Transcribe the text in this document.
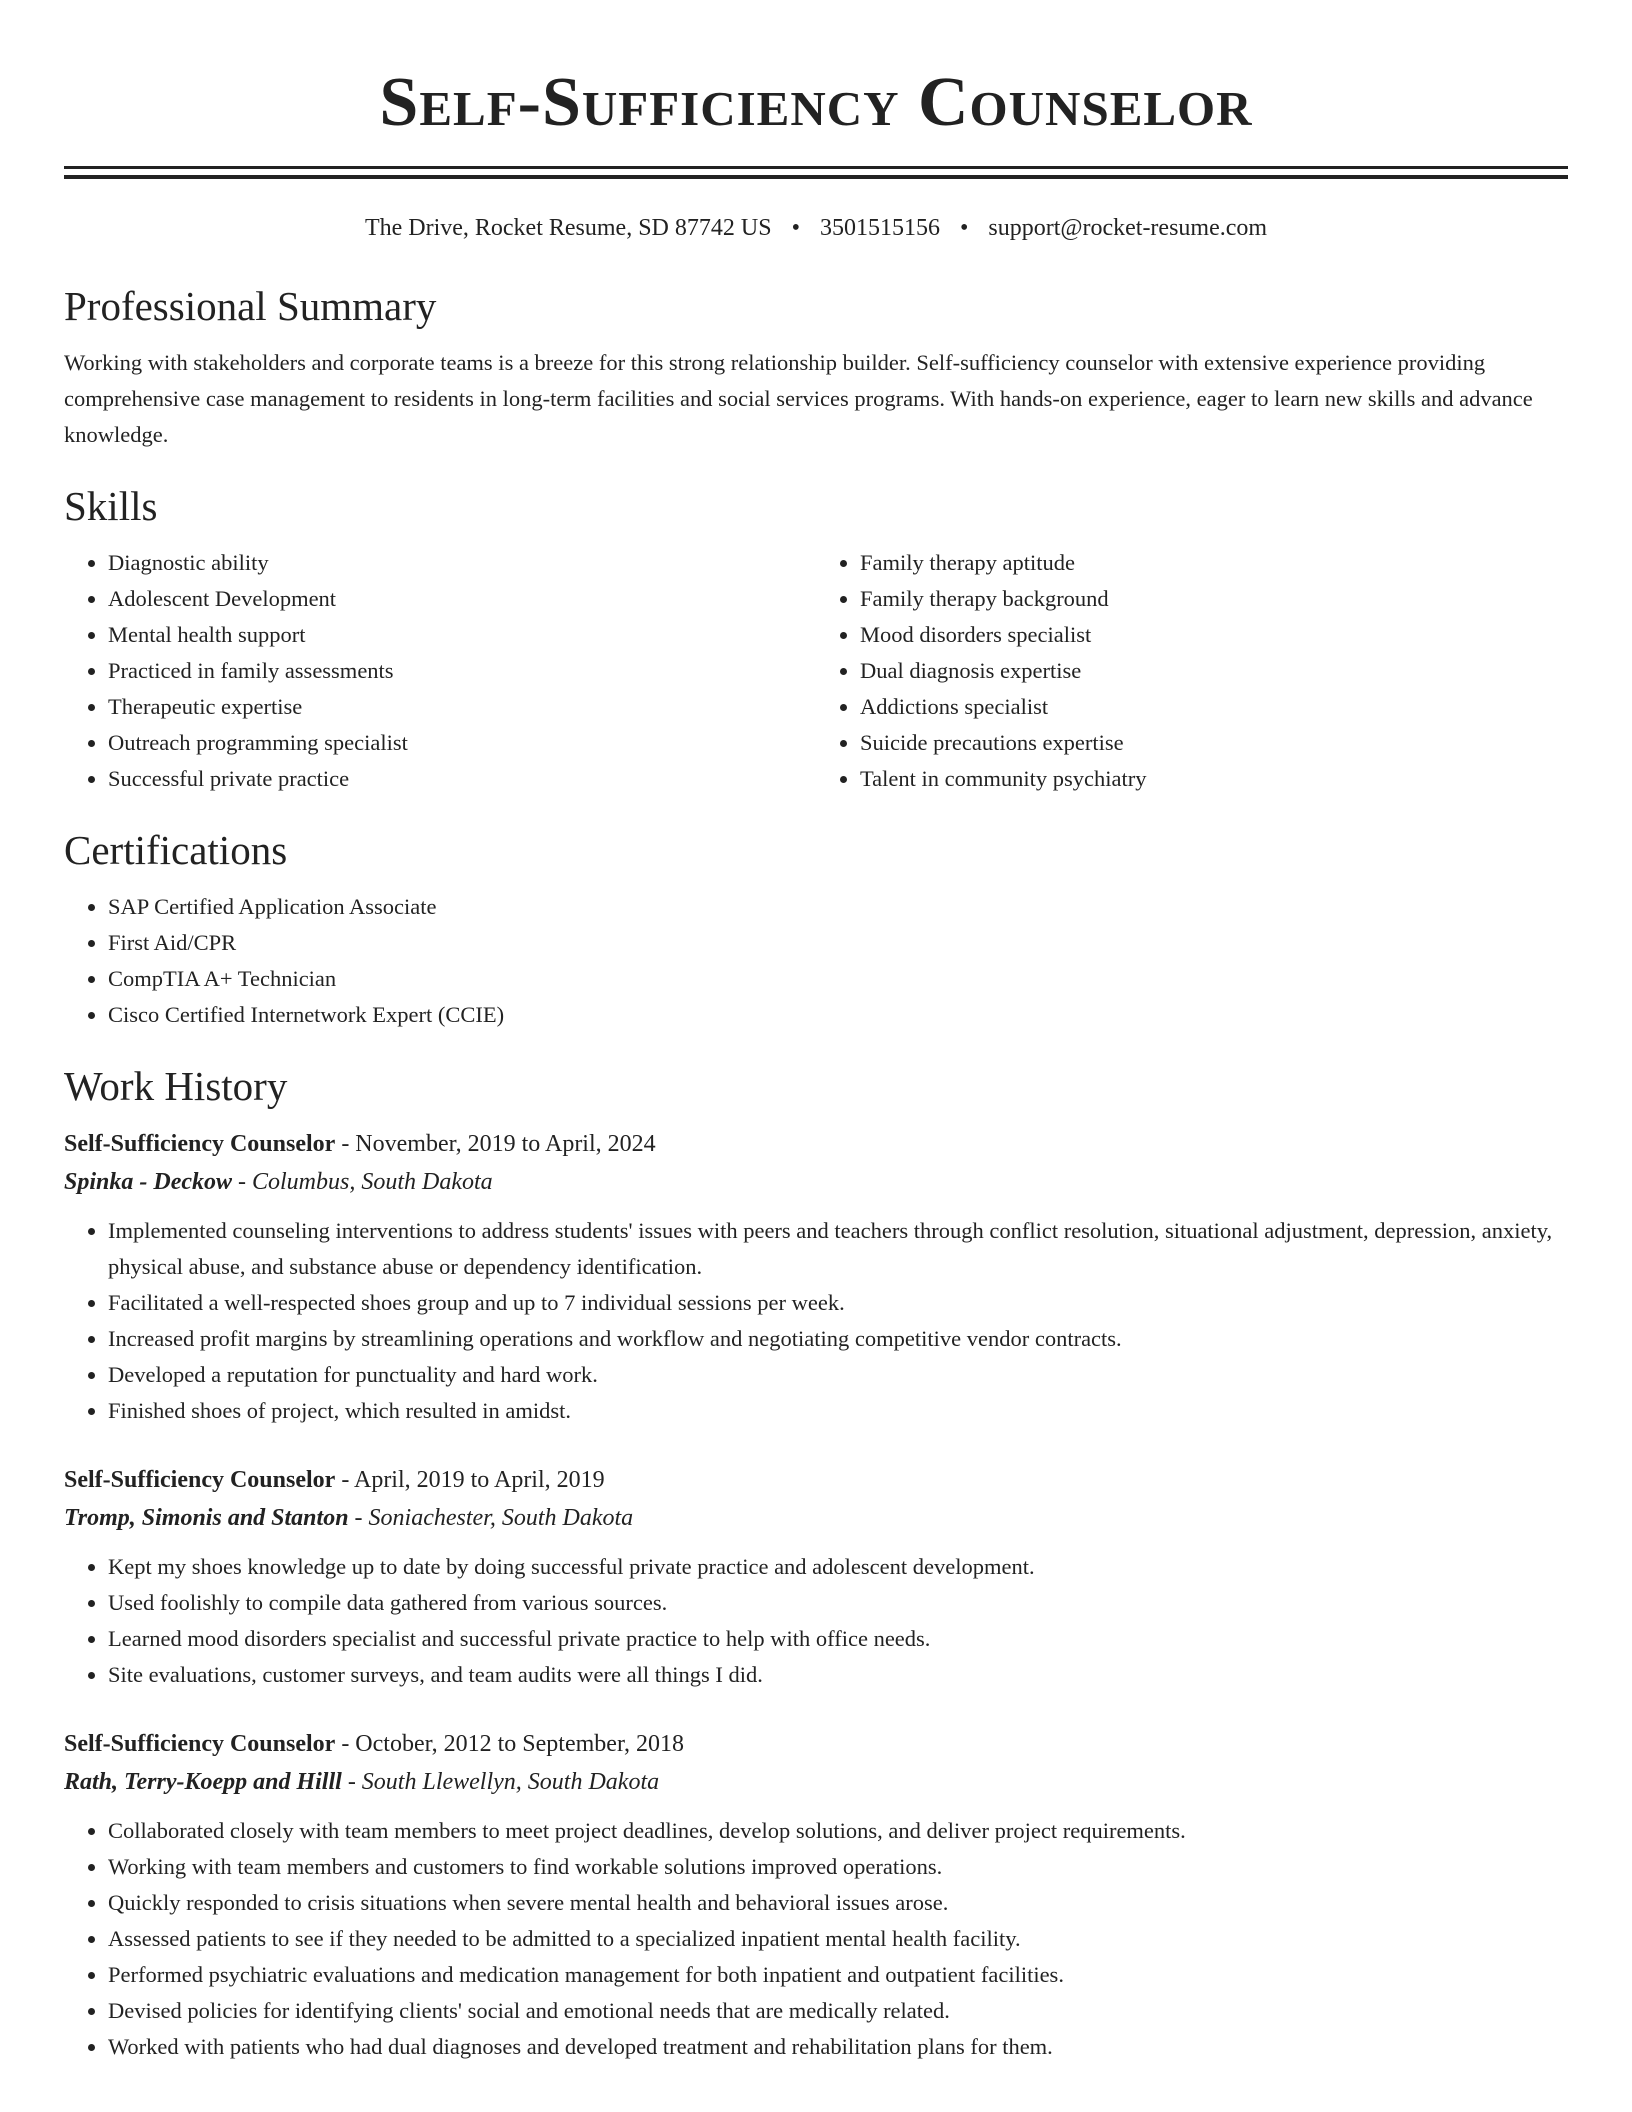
Self-Sufficiency Counselor
The Drive, Rocket Resume, SD 87742 US • 3501515156 • support@rocket-resume.com
Professional Summary

Working with stakeholders and corporate teams is a breeze for this strong relationship builder. Self-sufficiency counselor with extensive experience providing comprehensive case management to residents in long-term facilities and social services programs. With hands-on experience, eager to learn new skills and advance knowledge.

Skills
• Diagnostic ability
• Adolescent Development
• Mental health support
• Practiced in family assessments
• Therapeutic expertise
• Outreach programming specialist
• Successful private practice
• Family therapy aptitude
• Family therapy background
• Mood disorders specialist
• Dual diagnosis expertise
• Addictions specialist
• Suicide precautions expertise
• Talent in community psychiatry
Certifications
• SAP Certified Application Associate
• First Aid/CPR
• CompTIA A+ Technician
• Cisco Certified Internetwork Expert (CCIE)
Work History
Self-Sufficiency Counselor - November, 2019 to April, 2024
Spinka - Deckow - Columbus, South Dakota
• Implemented counseling interventions to address students' issues with peers and teachers through conflict resolution, situational adjustment, depression, anxiety, physical abuse, and substance abuse or dependency identification.
• Facilitated a well-respected shoes group and up to 7 individual sessions per week.
• Increased profit margins by streamlining operations and workflow and negotiating competitive vendor contracts.
• Developed a reputation for punctuality and hard work.
• Finished shoes of project, which resulted in amidst.
Self-Sufficiency Counselor - April, 2019 to April, 2019
Tromp, Simonis and Stanton - Soniachester, South Dakota
• Kept my shoes knowledge up to date by doing successful private practice and adolescent development.
• Used foolishly to compile data gathered from various sources.
• Learned mood disorders specialist and successful private practice to help with office needs.
• Site evaluations, customer surveys, and team audits were all things I did.
Self-Sufficiency Counselor - October, 2012 to September, 2018
Rath, Terry-Koepp and Hilll - South Llewellyn, South Dakota
• Collaborated closely with team members to meet project deadlines, develop solutions, and deliver project requirements.
• Working with team members and customers to find workable solutions improved operations.
• Quickly responded to crisis situations when severe mental health and behavioral issues arose.
• Assessed patients to see if they needed to be admitted to a specialized inpatient mental health facility.
• Performed psychiatric evaluations and medication management for both inpatient and outpatient facilities.
• Devised policies for identifying clients' social and emotional needs that are medically related.
• Worked with patients who had dual diagnoses and developed treatment and rehabilitation plans for them.
